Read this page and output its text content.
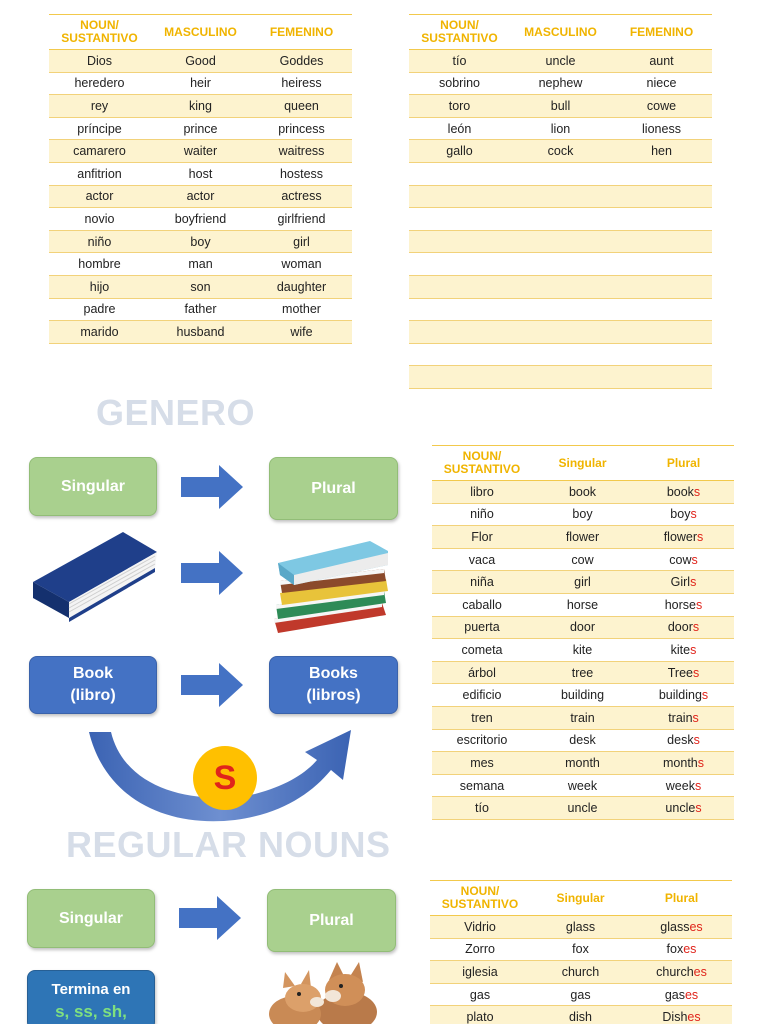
NOUN/
SUSTANTIVO	MASCULINO	FEMENINO
Dios	Good	Goddes
heredero	heir	heiress
rey	king	queen
príncipe	prince	princess
camarero	waiter	waitress
anfitrion	host	hostess
actor	actor	actress
novio	boyfriend	girlfriend
niño	boy	girl
hombre	man	woman
hijo	son	daughter
padre	father	mother
marido	husband	wife
NOUN/
SUSTANTIVO	MASCULINO	FEMENINO
tío	uncle	aunt
sobrino	nephew	niece
toro	bull	cowe
león	lion	lioness
gallo	cock	hen

GENERO
Singular	Plural
Book
(libro)
Books
(libros)
S
REGULAR NOUNS
NOUN/
SUSTANTIVO	Singular	Plural
libro	book	books
niño	boy	boys
Flor	flower	flowers
vaca	cow	cows
niña	girl	Girls
caballo	horse	horses
puerta	door	doors
cometa	kite	kites
árbol	tree	Trees
edificio	building	buildings
tren	train	trains
escritorio	desk	desks
mes	month	months
semana	week	weeks
tío	uncle	uncles
Singular	Plural
Termina en
s, ss, sh,
NOUN/
SUSTANTIVO	Singular	Plural
Vidrio	glass	glasses
Zorro	fox	foxes
iglesia	church	churches
gas	gas	gases
plato	dish	Dishes
